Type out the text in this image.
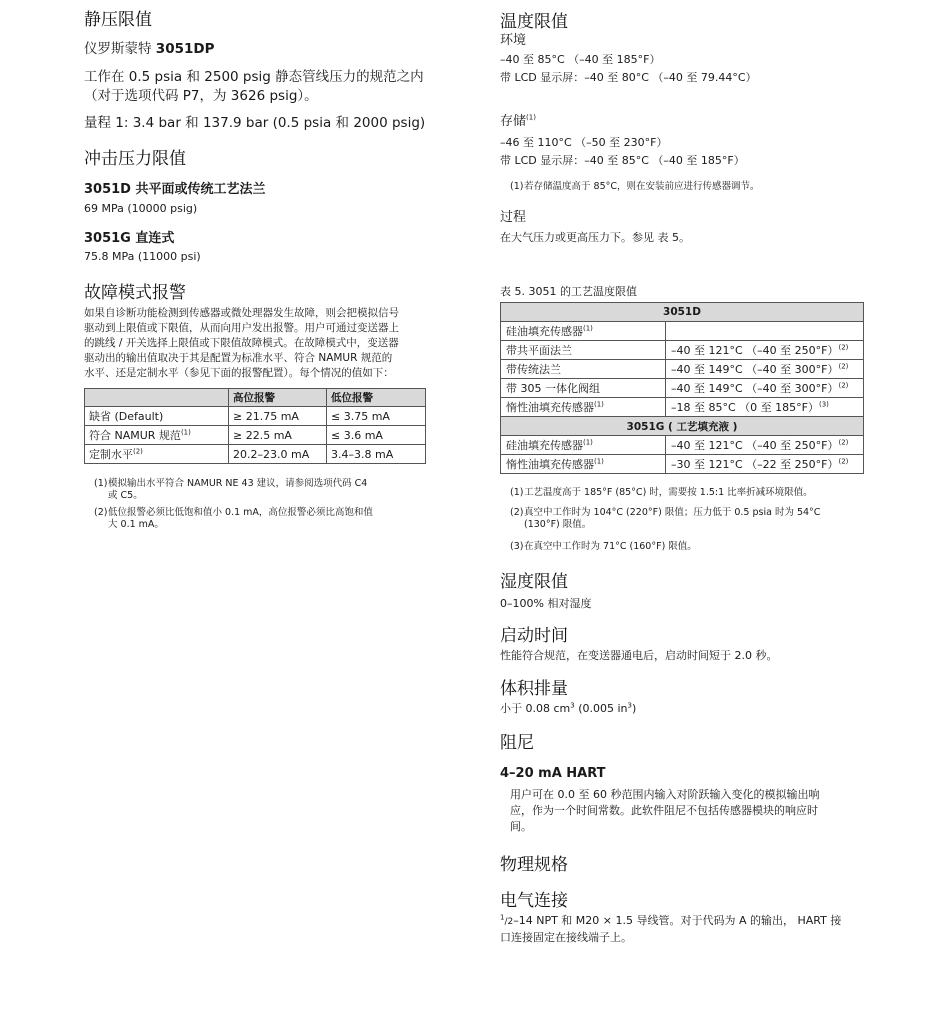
静压限值
仪罗斯蒙特 3051DP
工作在 0.5 psia 和 2500 psig 静态管线压力的规范之内
（对于选项代码 P7，为 3626 psig）。
量程 1: 3.4 bar 和 137.9 bar (0.5 psia 和 2000 psig)
冲击压力限值
3051D 共平面或传统工艺法兰
69 MPa (10000 psig)
3051G 直连式
75.8 MPa (11000 psi)
故障模式报警
如果自诊断功能检测到传感器或微处理器发生故障，则会把模拟信号
驱动到上限值或下限值，从而向用户发出报警。用户可通过变送器上
的跳线 / 开关选择上限值或下限值故障模式。在故障模式中，变送器
驱动出的输出值取决于其是配置为标准水平、符合 NAMUR 规范的
水平、还是定制水平（参见下面的报警配置）。每个情况的值如下：
	高位报警	低位报警
缺省 (Default)	≥ 21.75 mA	≤ 3.75 mA
符合 NAMUR 规范$^{(1)}$	≥ 22.5 mA	≤ 3.6 mA
定制水平$^{(2)}$	20.2–23.0 mA	3.4–3.8 mA
(1) 模拟输出水平符合 NAMUR NE 43 建议，请参阅选项代码 C4
或 C5。
(2) 低位报警必须比低饱和值小 0.1 mA，高位报警必须比高饱和值
大 0.1 mA。
温度限值
环境
–40 至 85°C （–40 至 185°F）
带 LCD 显示屏：–40 至 80°C （–40 至 79.44°C）
存储$^{(1)}$
–46 至 110°C （–50 至 230°F）
带 LCD 显示屏：–40 至 85°C （–40 至 185°F）
(1) 若存储温度高于 85°C，则在安装前应进行传感器调节。
过程
在大气压力或更高压力下。参见 表 5。
表 5. 3051 的工艺温度限值
3051D	
硅油填充传感器$^{(1)}$	
带共平面法兰	–40 至 121°C （–40 至 250°F）$^{(2)}$
带传统法兰	–40 至 149°C （–40 至 300°F）$^{(2)}$
带 305 一体化阀组	–40 至 149°C （–40 至 300°F）$^{(2)}$
惰性油填充传感器$^{(1)}$	–18 至 85°C （0 至 185°F）$^{(3)}$
3051G ( 工艺填充液 )	
硅油填充传感器$^{(1)}$	–40 至 121°C （–40 至 250°F）$^{(2)}$
惰性油填充传感器$^{(1)}$	–30 至 121°C （–22 至 250°F）$^{(2)}$
(1) 工艺温度高于 185°F (85°C) 时，需要按 1.5:1 比率折减环境限值。
(2) 真空中工作时为 104°C (220°F) 限值；压力低于 0.5 psia 时为 54°C
(130°F) 限值。
(3) 在真空中工作时为 71°C (160°F) 限值。
湿度限值
0–100% 相对湿度
启动时间
性能符合规范，在变送器通电后，启动时间短于 2.0 秒。
体积排量
小于 0.08 $cm^3$ (0.005 $in^3$)
阻尼
4–20 mA HART
用户可在 0.0 至 60 秒范围内输入对阶跃输入变化的模拟输出响
应，作为一个时间常数。此软件阻尼不包括传感器模块的响应时
间。
物理规格
电气连接
$^1$/2–14 NPT 和 M20 × 1.5 导线管。对于代码为 A 的输出， HART 接
口连接固定在接线端子上。
